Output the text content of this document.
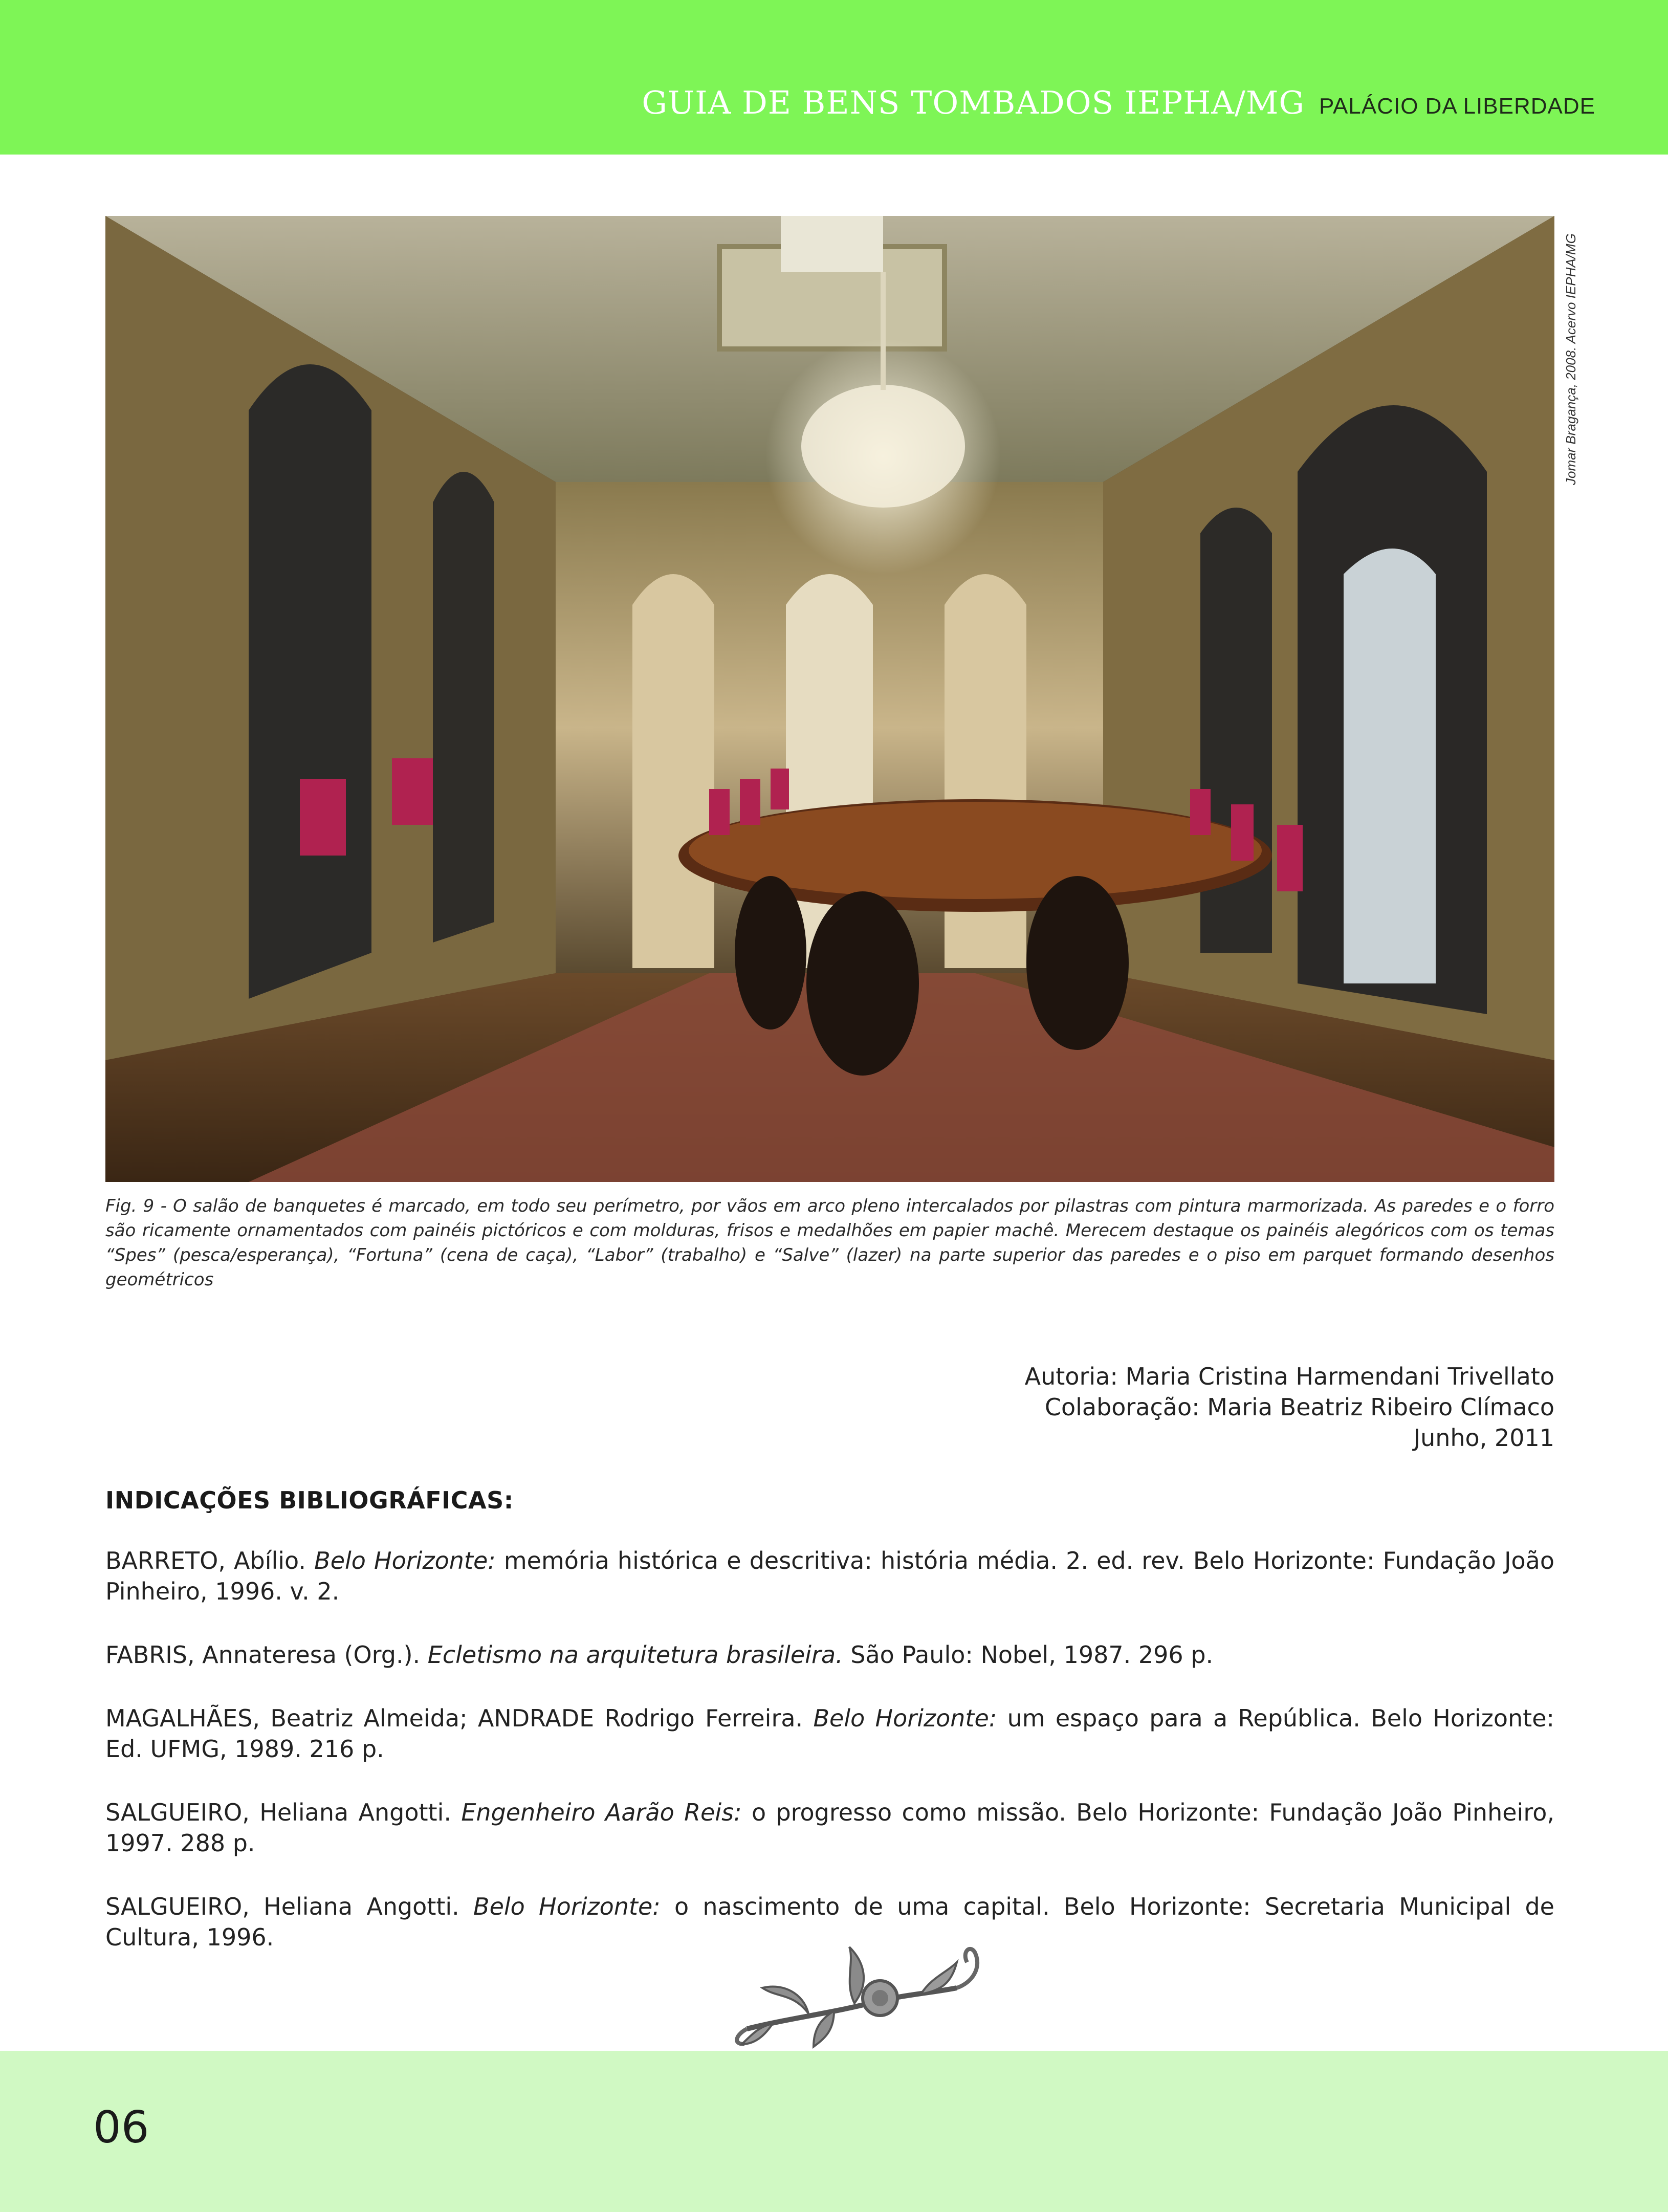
GUIA DE BENS TOMBADOS IEPHA/MG PALÁCIO DA LIBERDADE
Jomar Bragança, 2008. Acervo IEPHA/MG

Fig. 9 - O salão de banquetes é marcado, em todo seu perímetro, por vãos em arco pleno intercalados por pilastras com pintura marmorizada. As paredes e o forro são ricamente ornamentados com painéis pictóricos e com molduras, frisos e medalhões em papier machê. Merecem destaque os painéis alegóricos com os temas “Spes” (pesca/esperança), “Fortuna” (cena de caça), “Labor” (trabalho) e “Salve” (lazer) na parte superior das paredes e o piso em parquet formando desenhos geométricos

Autoria: Maria Cristina Harmendani Trivellato
Colaboração: Maria Beatriz Ribeiro Clímaco
Junho, 2011
INDICAÇÕES BIBLIOGRÁFICAS:

BARRETO, Abílio. Belo Horizonte: memória histórica e descritiva: história média. 2. ed. rev. Belo Horizonte: Fundação João Pinheiro, 1996. v. 2.

FABRIS, Annateresa (Org.). Ecletismo na arquitetura brasileira. São Paulo: Nobel, 1987. 296 p.

MAGALHÃES, Beatriz Almeida; ANDRADE Rodrigo Ferreira. Belo Horizonte: um espaço para a República. Belo Horizonte: Ed. UFMG, 1989. 216 p.

SALGUEIRO, Heliana Angotti. Engenheiro Aarão Reis: o progresso como missão. Belo Horizonte: Fundação João Pinheiro, 1997. 288 p.

SALGUEIRO, Heliana Angotti. Belo Horizonte: o nascimento de uma capital. Belo Horizonte: Secretaria Municipal de Cultura, 1996.

06
